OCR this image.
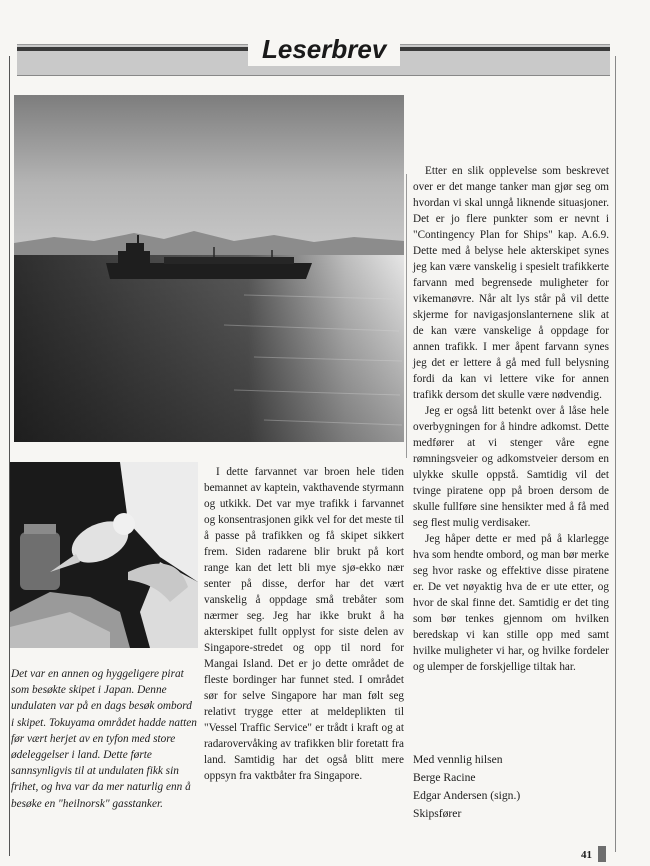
Leserbrev

Det var en annen og hyggeligere pirat som besøkte skipet i Japan. Denne undulaten var på en dags besøk ombord i skipet. Tokuyama området hadde natten før vært herjet av en tyfon med store ødeleggelser i land. Dette førte sannsynligvis til at undulaten fikk sin frihet, og hva var da mer naturlig enn å besøke en "heilnorsk" gasstanker.

I dette farvannet var broen hele tiden bemannet av kaptein, vakthavende styrmann og utkikk. Det var mye trafikk i farvannet og konsentrasjonen gikk vel for det meste til å passe på trafikken og få skipet sikkert frem. Siden radarene blir brukt på kort range kan det lett bli mye sjø-ekko nær senter på disse, derfor har det vært vanskelig å oppdage små trebåter som nærmer seg. Jeg har ikke brukt å ha akterskipet fullt opplyst for siste delen av Singapore-stredet og opp til nord for Mangai Island. Det er jo dette området de fleste bordinger har funnet sted. I området sør for selve Singapore har man følt seg relativt trygge etter at meldeplikten til "Vessel Traffic Service" er trådt i kraft og at radarovervåking av trafikken blir foretatt fra land. Samtidig har det også blitt mere oppsyn fra vaktbåter fra Singapore.

Etter en slik opplevelse som beskrevet over er det mange tanker man gjør seg om hvordan vi skal unngå liknende situasjoner. Det er jo flere punkter som er nevnt i "Contingency Plan for Ships" kap. A.6.9. Dette med å belyse hele akterskipet synes jeg kan være vanskelig i spesielt trafikkerte farvann med begrensede muligheter for vikemanøvre. Når alt lys står på vil dette skjerme for navigasjonslanternene slik at de kan være vanskelige å oppdage for annen trafikk. I mer åpent farvann synes jeg det er lettere å gå med full belysning fordi da kan vi lettere vike for annen trafikk dersom det skulle være nødvendig.

Jeg er også litt betenkt over å låse hele overbygningen for å hindre adkomst. Dette medfører at vi stenger våre egne rømningsveier og adkomstveier dersom en ulykke skulle oppstå. Samtidig vil det tvinge piratene opp på broen dersom de skulle fullføre sine hensikter med å få med seg flest mulig verdisaker.

Jeg håper dette er med på å klarlegge hva som hendte ombord, og man bør merke seg hvor raske og effektive disse piratene er. De vet nøyaktig hva de er ute etter, og hvor de skal finne det. Samtidig er det ting som bør tenkes gjennom om hvilken beredskap vi kan stille opp med samt hvilke muligheter vi har, og hvilke fordeler og ulemper de forskjellige tiltak har.

Med vennlig hilsen
Berge Racine
Edgar Andersen (sign.)
Skipsfører
41
